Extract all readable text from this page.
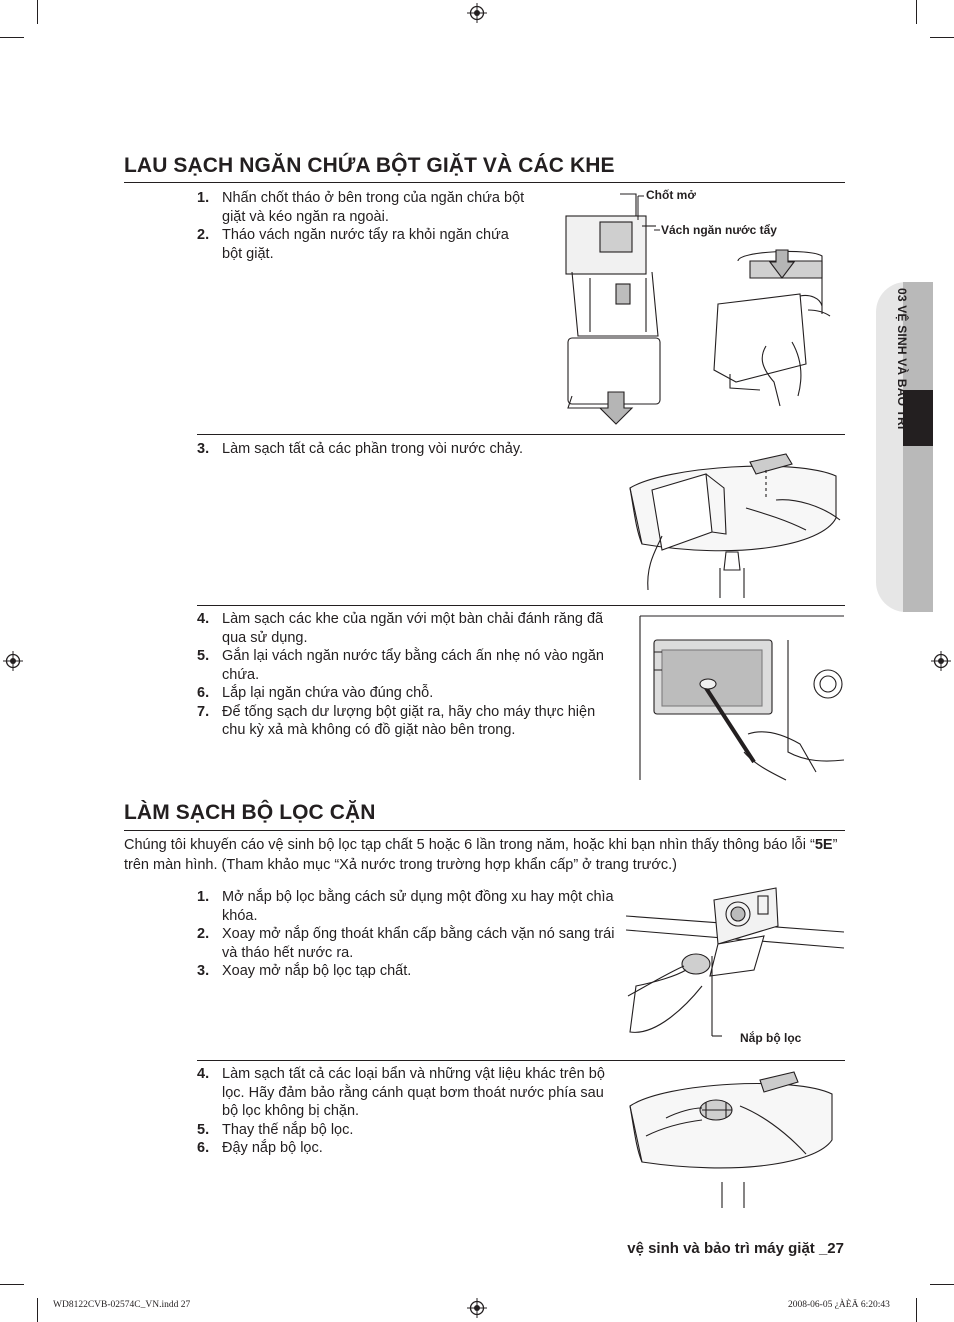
03 VỆ SINH VÀ BẢO TRÌ
LAU SẠCH NGĂN CHỨA BỘT GIẶT VÀ CÁC KHE
1. Nhấn chốt tháo ở bên trong của ngăn chứa bột giặt và kéo ngăn ra ngoài.
2. Tháo vách ngăn nước tẩy ra khỏi ngăn chứa bột giặt.
Chốt mở
Vách ngăn nước tẩy
3. Làm sạch tất cả các phần trong vòi nước chảy.
4. Làm sạch các khe của ngăn với một bàn chải đánh răng đã qua sử dụng.
5. Gắn lại vách ngăn nước tẩy bằng cách ấn nhẹ nó vào ngăn chứa.
6. Lắp lại ngăn chứa vào đúng chỗ.
7. Để tống sạch dư lượng bột giặt ra, hãy cho máy thực hiện chu kỳ xả mà không có đồ giặt nào bên trong.
LÀM SẠCH BỘ LỌC CẶN

Chúng tôi khuyến cáo vệ sinh bộ lọc tạp chất 5 hoặc 6 lần trong năm, hoặc khi bạn nhìn thấy thông báo lỗi “5E” trên màn hình. (Tham khảo mục “Xả nước trong trường hợp khẩn cấp” ở trang trước.)

1. Mở nắp bộ lọc bằng cách sử dụng một đồng xu hay một chìa khóa.
2. Xoay mở nắp ống thoát khẩn cấp bằng cách vặn nó sang trái và tháo hết nước ra.
3. Xoay mở nắp bộ lọc tạp chất.
Nắp bộ lọc
4. Làm sạch tất cả các loại bẩn và những vật liệu khác trên bộ lọc. Hãy đảm bảo rằng cánh quạt bơm thoát nước phía sau bộ lọc không bị chặn.
5. Thay thế nắp bộ lọc.
6. Đậy nắp bộ lọc.
vệ sinh và bảo trì máy giặt _27
WD8122CVB-02574C_VN.indd 27	2008-06-05 ¿ÀÈÄ 6:20:43
